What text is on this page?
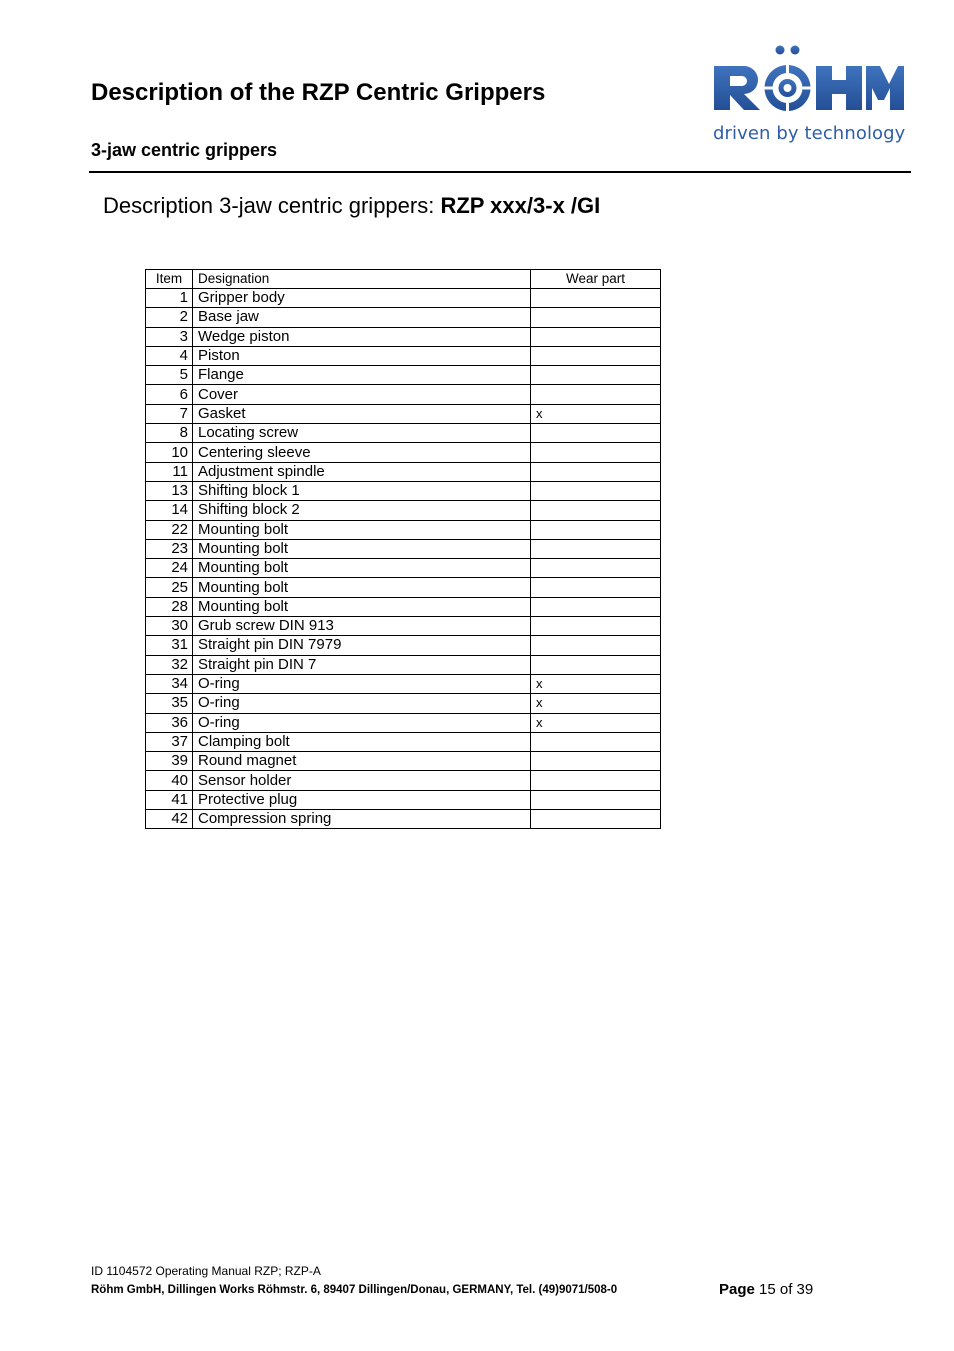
Description of the RZP Centric Grippers
3-jaw centric grippers
driven by technology
Description 3-jaw centric grippers: RZP xxx/3-x /GI
Item	Designation	Wear part
1	Gripper body	
2	Base jaw	
3	Wedge piston	
4	Piston	
5	Flange	
6	Cover	
7	Gasket	x
8	Locating screw	
10	Centering sleeve	
11	Adjustment spindle	
13	Shifting block 1	
14	Shifting block 2	
22	Mounting bolt	
23	Mounting bolt	
24	Mounting bolt	
25	Mounting bolt	
28	Mounting bolt	
30	Grub screw DIN 913	
31	Straight pin DIN 7979	
32	Straight pin DIN 7	
34	O-ring	x
35	O-ring	x
36	O-ring	x
37	Clamping bolt	
39	Round magnet	
40	Sensor holder	
41	Protective plug	
42	Compression spring	
ID 1104572 Operating Manual RZP; RZP-A
Röhm GmbH, Dillingen Works Röhmstr. 6, 89407 Dillingen/Donau, GERMANY, Tel. (49)9071/508-0	Page 15 of 39
